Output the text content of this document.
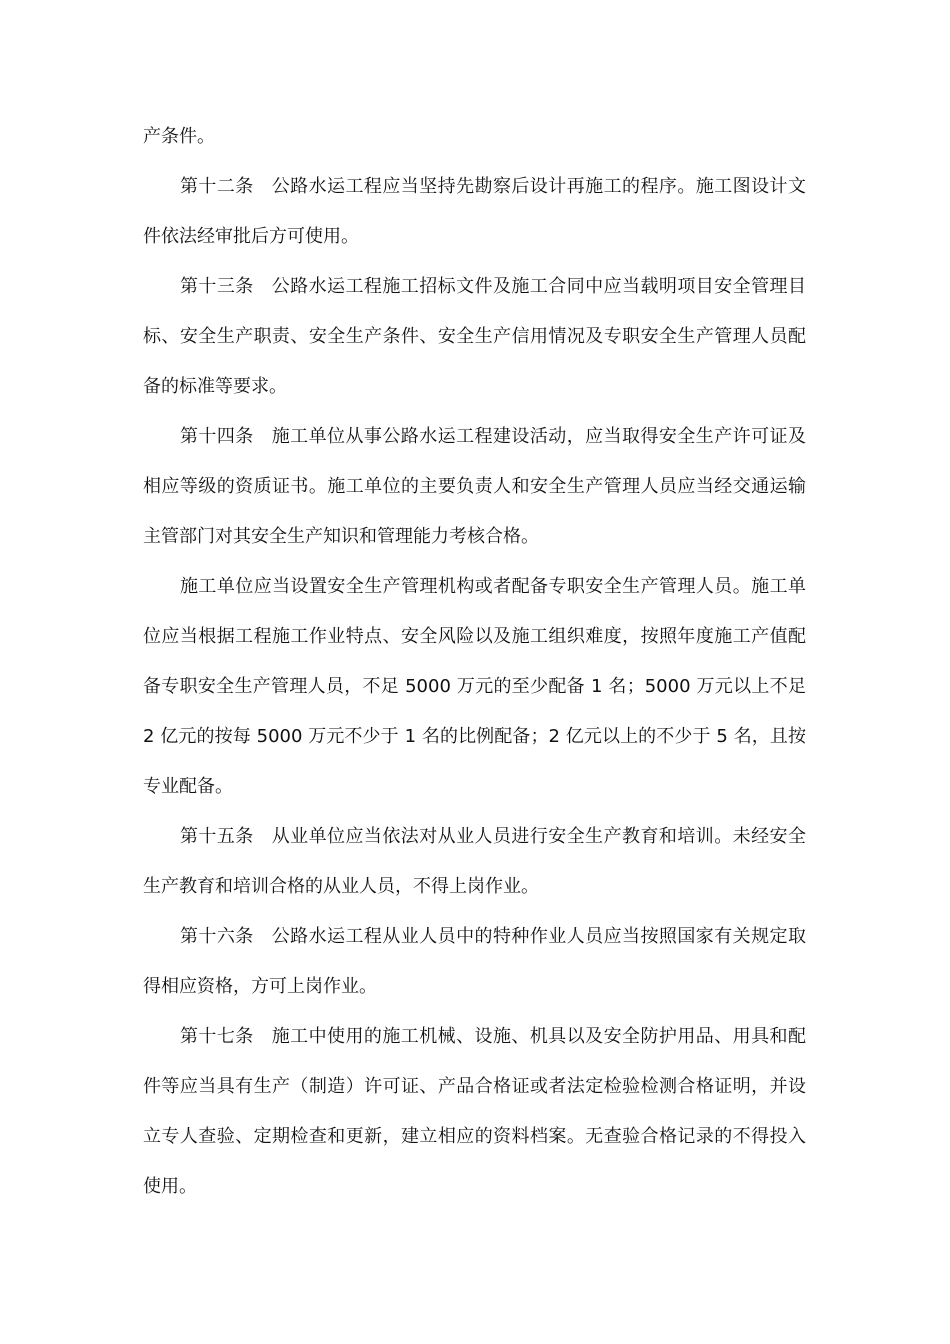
产条件。

第十二条 公路水运工程应当坚持先勘察后设计再施工的程序。施工图设计文件依法经审批后方可使用。

第十三条 公路水运工程施工招标文件及施工合同中应当载明项目安全管理目标、安全生产职责、安全生产条件、安全生产信用情况及专职安全生产管理人员配备的标准等要求。

第十四条 施工单位从事公路水运工程建设活动，应当取得安全生产许可证及相应等级的资质证书。施工单位的主要负责人和安全生产管理人员应当经交通运输主管部门对其安全生产知识和管理能力考核合格。

施工单位应当设置安全生产管理机构或者配备专职安全生产管理人员。施工单位应当根据工程施工作业特点、安全风险以及施工组织难度，按照年度施工产值配备专职安全生产管理人员，不足 5000 万元的至少配备 1 名；5000 万元以上不足 2 亿元的按每 5000 万元不少于 1 名的比例配备；2 亿元以上的不少于 5 名，且按专业配备。

第十五条 从业单位应当依法对从业人员进行安全生产教育和培训。未经安全生产教育和培训合格的从业人员，不得上岗作业。

第十六条 公路水运工程从业人员中的特种作业人员应当按照国家有关规定取得相应资格，方可上岗作业。

第十七条 施工中使用的施工机械、设施、机具以及安全防护用品、用具和配件等应当具有生产（制造）许可证、产品合格证或者法定检验检测合格证明，并设立专人查验、定期检查和更新，建立相应的资料档案。无查验合格记录的不得投入使用。
